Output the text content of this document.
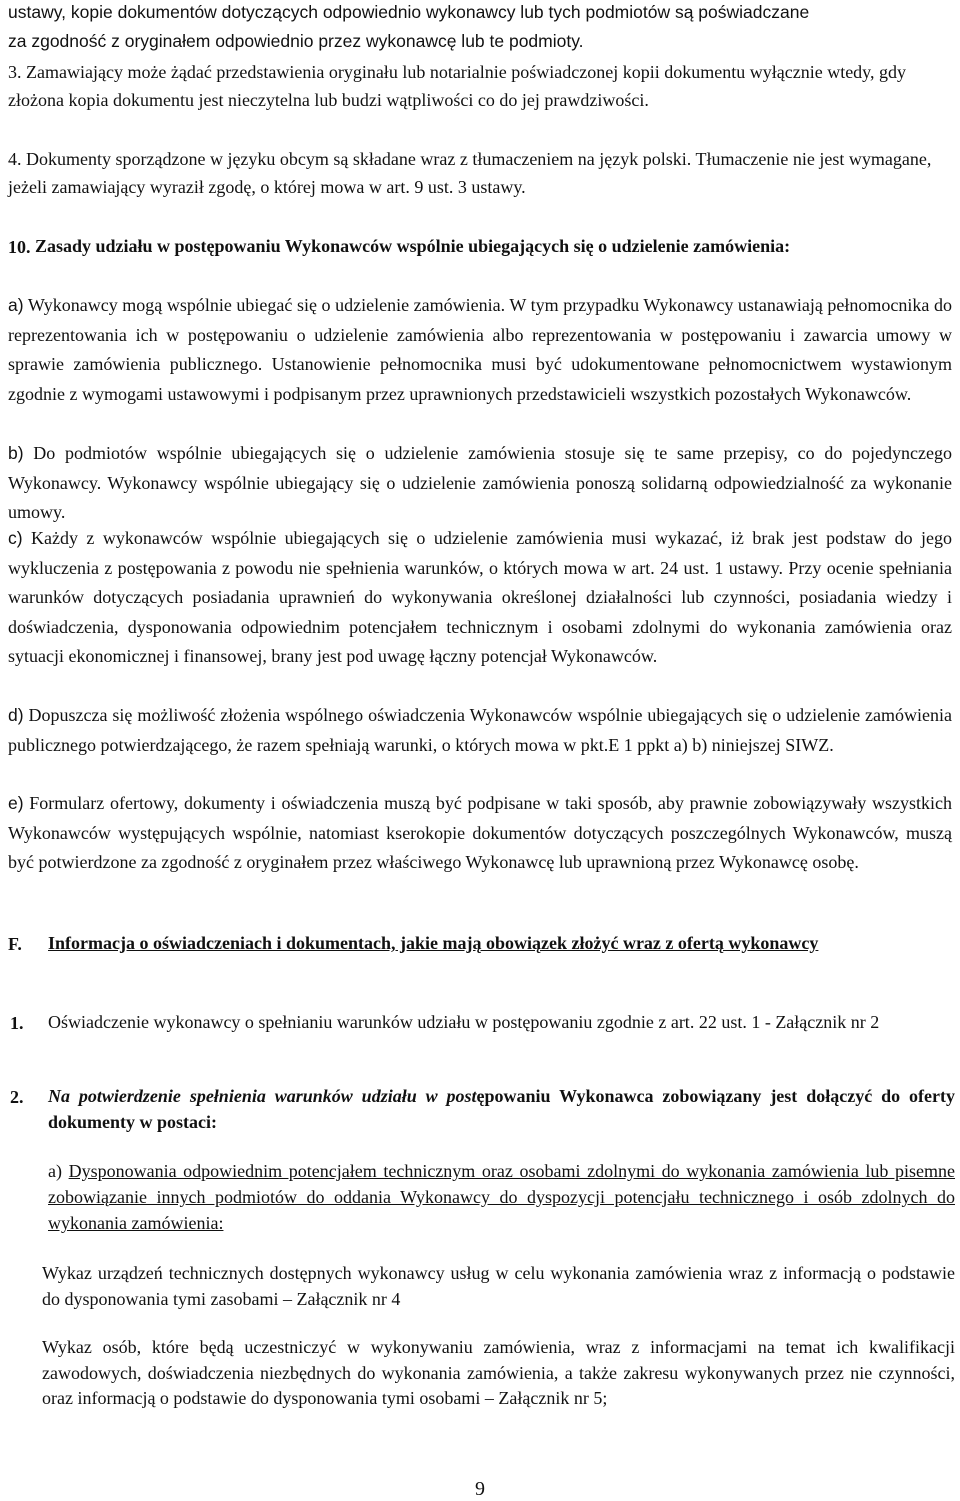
ustawy, kopie dokumentów dotyczących odpowiednio wykonawcy lub tych podmiotów są poświadczane
za zgodność z oryginałem odpowiednio przez wykonawcę lub te podmioty.
3. Zamawiający może żądać przedstawienia oryginału lub notarialnie poświadczonej kopii dokumentu wyłącznie wtedy, gdy złożona kopia dokumentu jest nieczytelna lub budzi wątpliwości co do jej prawdziwości.
4. Dokumenty sporządzone w języku obcym są składane wraz z tłumaczeniem na język polski. Tłumaczenie nie jest wymagane, jeżeli zamawiający wyraził zgodę, o której mowa w art. 9 ust. 3 ustawy.
10. Zasady udziału w postępowaniu Wykonawców wspólnie ubiegających się o udzielenie zamówienia:
a) Wykonawcy mogą wspólnie ubiegać się o udzielenie zamówienia. W tym przypadku Wykonawcy ustanawiają pełnomocnika do reprezentowania ich w postępowaniu o udzielenie zamówienia albo reprezentowania w postępowaniu i zawarcia umowy w sprawie zamówienia publicznego. Ustanowienie pełnomocnika musi być udokumentowane pełnomocnictwem wystawionym zgodnie z wymogami ustawowymi i podpisanym przez uprawnionych przedstawicieli wszystkich pozostałych Wykonawców.
b) Do podmiotów wspólnie ubiegających się o udzielenie zamówienia stosuje się te same przepisy, co do pojedynczego Wykonawcy. Wykonawcy wspólnie ubiegający się o udzielenie zamówienia ponoszą solidarną odpowiedzialność za wykonanie umowy.
c) Każdy z wykonawców wspólnie ubiegających się o udzielenie zamówienia musi wykazać, iż brak jest podstaw do jego wykluczenia z postępowania z powodu nie spełnienia warunków, o których mowa w art. 24 ust. 1 ustawy. Przy ocenie spełniania warunków dotyczących posiadania uprawnień do wykonywania określonej działalności lub czynności, posiadania wiedzy i doświadczenia, dysponowania odpowiednim potencjałem technicznym i osobami zdolnymi do wykonania zamówienia oraz sytuacji ekonomicznej i finansowej, brany jest pod uwagę łączny potencjał Wykonawców.
d) Dopuszcza się możliwość złożenia wspólnego oświadczenia Wykonawców wspólnie ubiegających się o udzielenie zamówienia publicznego potwierdzającego, że razem spełniają warunki, o których mowa w pkt.E 1 ppkt a) b) niniejszej SIWZ.
e) Formularz ofertowy, dokumenty i oświadczenia muszą być podpisane w taki sposób, aby prawnie zobowiązywały wszystkich Wykonawców występujących wspólnie, natomiast kserokopie dokumentów dotyczących poszczególnych Wykonawców, muszą być potwierdzone za zgodność z oryginałem przez właściwego Wykonawcę lub uprawnioną przez Wykonawcę osobę.
F.	Informacja o oświadczeniach i dokumentach, jakie mają obowiązek złożyć wraz z ofertą wykonawcy
1.	Oświadczenie wykonawcy o spełnianiu warunków udziału w postępowaniu zgodnie z art. 22 ust. 1 - Załącznik nr 2
2.	Na potwierdzenie spełnienia warunków udziału w postępowaniu Wykonawca zobowiązany jest dołączyć do oferty dokumenty w postaci:
a) Dysponowania odpowiednim potencjałem technicznym oraz osobami zdolnymi do wykonania zamówienia lub pisemne zobowiązanie innych podmiotów do oddania Wykonawcy do dyspozycji potencjału technicznego i osób zdolnych do wykonania zamówienia:
Wykaz urządzeń technicznych dostępnych wykonawcy usług w celu wykonania zamówienia wraz z informacją o podstawie do dysponowania tymi zasobami – Załącznik nr 4
Wykaz osób, które będą uczestniczyć w wykonywaniu zamówienia, wraz z informacjami na temat ich kwalifikacji zawodowych, doświadczenia niezbędnych do wykonania zamówienia, a także zakresu wykonywanych przez nie czynności, oraz informacją o podstawie do dysponowania tymi osobami – Załącznik nr 5;
9
